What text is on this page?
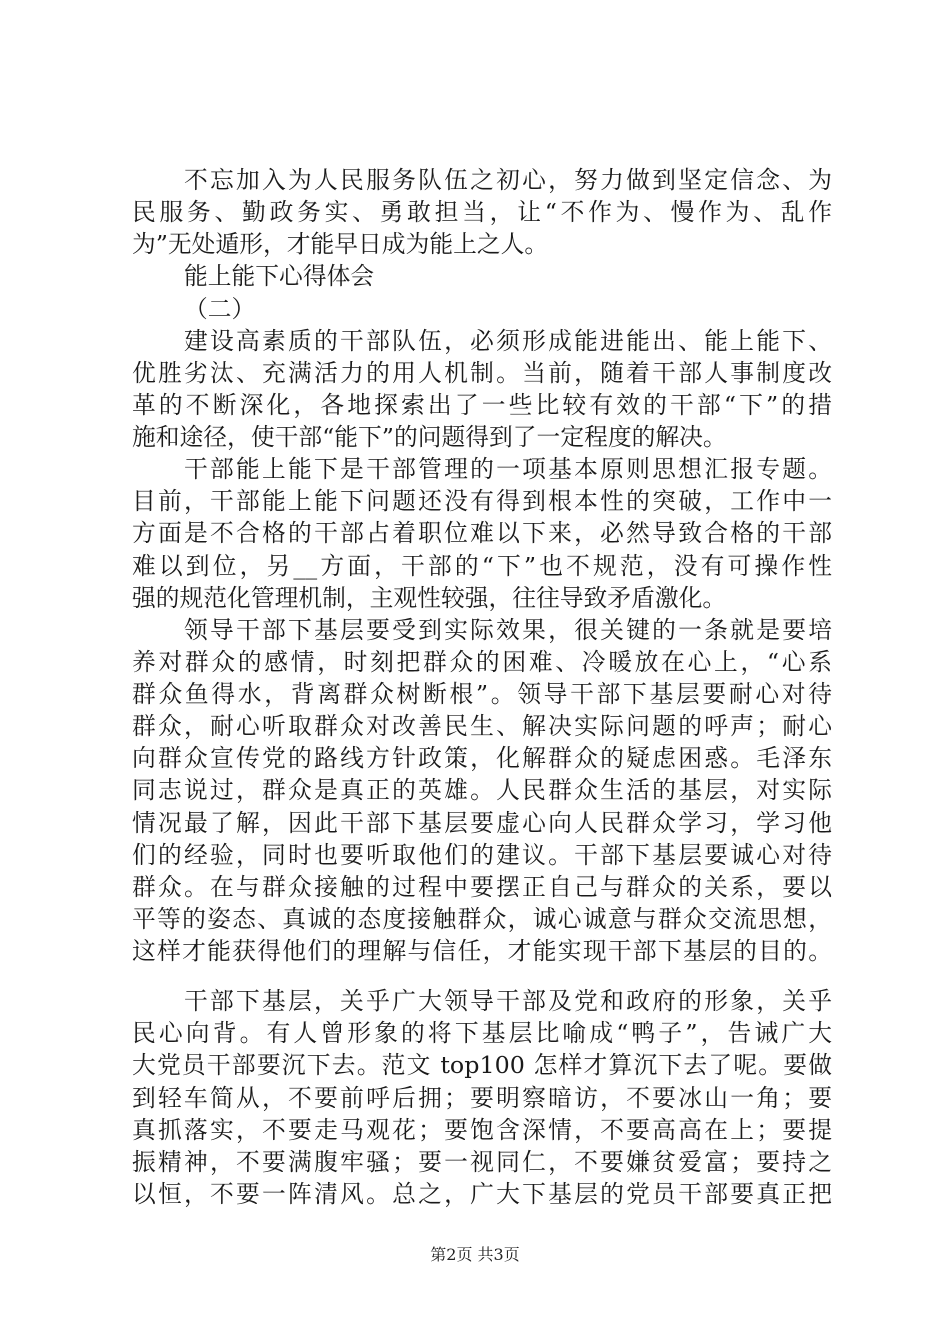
不忘加入为人民服务队伍之初心，努力做到坚定信念、为
民服务、勤政务实、勇敢担当，让“不作为、慢作为、乱作
为”无处遁形，才能早日成为能上之人。
能上能下心得体会
（二）
建设高素质的干部队伍，必须形成能进能出、能上能下、
优胜劣汰、充满活力的用人机制。当前，随着干部人事制度改
革的不断深化，各地探索出了一些比较有效的干部“下”的措
施和途径，使干部“能下”的问题得到了一定程度的解决。
干部能上能下是干部管理的一项基本原则思想汇报专题。
目前，干部能上能下问题还没有得到根本性的突破，工作中一
方面是不合格的干部占着职位难以下来，必然导致合格的干部
难以到位，另__方面，干部的“下”也不规范，没有可操作性
强的规范化管理机制，主观性较强，往往导致矛盾激化。
领导干部下基层要受到实际效果，很关键的一条就是要培
养对群众的感情，时刻把群众的困难、冷暖放在心上，“心系
群众鱼得水，背离群众树断根”。领导干部下基层要耐心对待
群众，耐心听取群众对改善民生、解决实际问题的呼声；耐心
向群众宣传党的路线方针政策，化解群众的疑虑困惑。毛泽东
同志说过，群众是真正的英雄。人民群众生活的基层，对实际
情况最了解，因此干部下基层要虚心向人民群众学习，学习他
们的经验，同时也要听取他们的建议。干部下基层要诚心对待
群众。在与群众接触的过程中要摆正自己与群众的关系，要以
平等的姿态、真诚的态度接触群众，诚心诚意与群众交流思想，
这样才能获得他们的理解与信任，才能实现干部下基层的目的。
干部下基层，关乎广大领导干部及党和政府的形象，关乎
民心向背。有人曾形象的将下基层比喻成“鸭子”，告诫广大
大党员干部要沉下去。范文 top100 怎样才算沉下去了呢。要做
到轻车简从，不要前呼后拥；要明察暗访，不要冰山一角；要
真抓落实，不要走马观花；要饱含深情，不要高高在上；要提
振精神，不要满腹牢骚；要一视同仁，不要嫌贫爱富；要持之
以恒，不要一阵清风。总之，广大下基层的党员干部要真正把
第2页 共3页
